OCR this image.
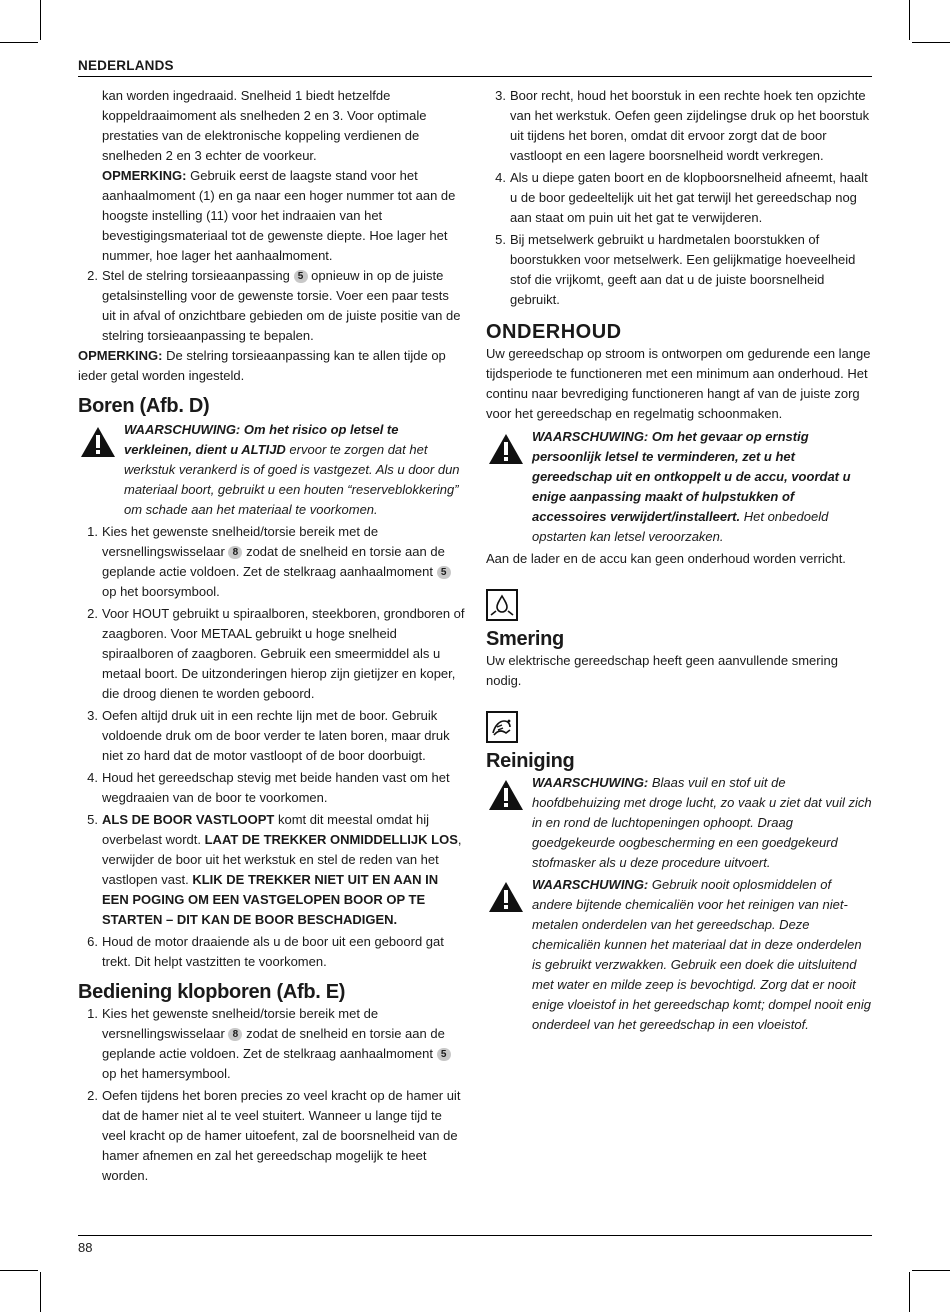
NEDERLANDS

kan worden ingedraaid. Snelheid 1 biedt hetzelfde koppeldraaimoment als snelheden 2 en 3. Voor optimale prestaties van de elektronische koppeling verdienen de snelheden 2 en 3 echter de voorkeur.

OPMERKING: Gebruik eerst de laagste stand voor het aanhaalmoment (1) en ga naar een hoger nummer tot aan de hoogste instelling (11) voor het indraaien van het bevestigingsmateriaal tot de gewenste diepte. Hoe lager het nummer, hoe lager het aanhaalmoment.

2. Stel de stelring torsieaanpassing 5 opnieuw in op de juiste getalsinstelling voor de gewenste torsie. Voer een paar tests uit in afval of onzichtbare gebieden om de juiste positie van de stelring torsieaanpassing te bepalen.

OPMERKING: De stelring torsieaanpassing kan te allen tijde op ieder getal worden ingesteld.

Boren (Afb. D)
WAARSCHUWING: Om het risico op letsel te verkleinen, dient u ALTIJD ervoor te zorgen dat het werkstuk verankerd is of goed is vastgezet. Als u door dun materiaal boort, gebruikt u een houten “reserveblokkering” om schade aan het materiaal te voorkomen.
1. Kies het gewenste snelheid/torsie bereik met de versnellingswisselaar 8 zodat de snelheid en torsie aan de geplande actie voldoen. Zet de stelkraag aanhaalmoment 5 op het boorsymbool.
2. Voor HOUT gebruikt u spiraalboren, steekboren, grondboren of zaagboren. Voor METAAL gebruikt u hoge snelheid spiraalboren of zaagboren. Gebruik een smeermiddel als u metaal boort. De uitzonderingen hierop zijn gietijzer en koper, die droog dienen te worden geboord.
3. Oefen altijd druk uit in een rechte lijn met de boor. Gebruik voldoende druk om de boor verder te laten boren, maar druk niet zo hard dat de motor vastloopt of de boor doorbuigt.
4. Houd het gereedschap stevig met beide handen vast om het wegdraaien van de boor te voorkomen.
5. ALS DE BOOR VASTLOOPT komt dit meestal omdat hij overbelast wordt. LAAT DE TREKKER ONMIDDELLIJK LOS, verwijder de boor uit het werkstuk en stel de reden van het vastlopen vast. KLIK DE TREKKER NIET UIT EN AAN IN EEN POGING OM EEN VASTGELOPEN BOOR OP TE STARTEN – DIT KAN DE BOOR BESCHADIGEN.
6. Houd de motor draaiende als u de boor uit een geboord gat trekt. Dit helpt vastzitten te voorkomen.
Bediening klopboren (Afb. E)
1. Kies het gewenste snelheid/torsie bereik met de versnellingswisselaar 8 zodat de snelheid en torsie aan de geplande actie voldoen. Zet de stelkraag aanhaalmoment 5 op het hamersymbool.
2. Oefen tijdens het boren precies zo veel kracht op de hamer uit dat de hamer niet al te veel stuitert. Wanneer u lange tijd te veel kracht op de hamer uitoefent, zal de boorsnelheid van de hamer afnemen en zal het gereedschap mogelijk te heet worden.
3. Boor recht, houd het boorstuk in een rechte hoek ten opzichte van het werkstuk. Oefen geen zijdelingse druk op het boorstuk uit tijdens het boren, omdat dit ervoor zorgt dat de boor vastloopt en een lagere boorsnelheid wordt verkregen.
4. Als u diepe gaten boort en de klopboorsnelheid afneemt, haalt u de boor gedeeltelijk uit het gat terwijl het gereedschap nog aan staat om puin uit het gat te verwijderen.
5. Bij metselwerk gebruikt u hardmetalen boorstukken of boorstukken voor metselwerk. Een gelijkmatige hoeveelheid stof die vrijkomt, geeft aan dat u de juiste boorsnelheid gebruikt.
ONDERHOUD

Uw gereedschap op stroom is ontworpen om gedurende een lange tijdsperiode te functioneren met een minimum aan onderhoud. Het continu naar bevrediging functioneren hangt af van de juiste zorg voor het gereedschap en regelmatig schoonmaken.

WAARSCHUWING: Om het gevaar op ernstig persoonlijk letsel te verminderen, zet u het gereedschap uit en ontkoppelt u de accu, voordat u enige aanpassing maakt of hulpstukken of accessoires verwijdert/installeert. Het onbedoeld opstarten kan letsel veroorzaken.

Aan de lader en de accu kan geen onderhoud worden verricht.

Smering

Uw elektrische gereedschap heeft geen aanvullende smering nodig.

Reiniging
WAARSCHUWING: Blaas vuil en stof uit de hoofdbehuizing met droge lucht, zo vaak u ziet dat vuil zich in en rond de luchtopeningen ophoopt. Draag goedgekeurde oogbescherming en een goedgekeurd stofmasker als u deze procedure uitvoert.
WAARSCHUWING: Gebruik nooit oplosmiddelen of andere bijtende chemicaliën voor het reinigen van niet-metalen onderdelen van het gereedschap. Deze chemicaliën kunnen het materiaal dat in deze onderdelen is gebruikt verzwakken. Gebruik een doek die uitsluitend met water en milde zeep is bevochtigd. Zorg dat er nooit enige vloeistof in het gereedschap komt; dompel nooit enig onderdeel van het gereedschap in een vloeistof.
88
